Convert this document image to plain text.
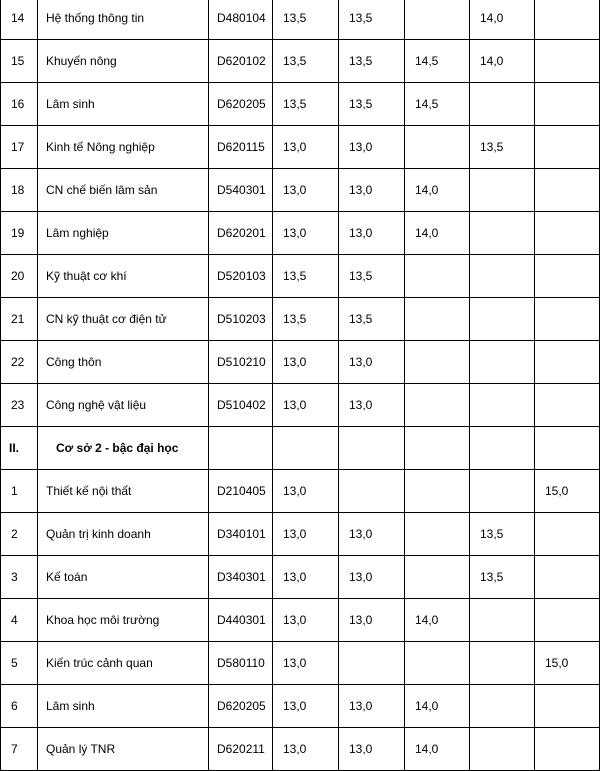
14	Hệ thống thông tin	D480104	13,5	13,5		14,0	
15	Khuyến nông	D620102	13,5	13,5	14,5	14,0	
16	Lâm sinh	D620205	13,5	13,5	14,5		
17	Kinh tế Nông nghiệp	D620115	13,0	13,0		13,5	
18	CN chế biến lâm sản	D540301	13,0	13,0	14,0		
19	Lâm nghiệp	D620201	13,0	13,0	14,0		
20	Kỹ thuật cơ khí	D520103	13,5	13,5			
21	CN kỹ thuật cơ điện tử	D510203	13,5	13,5			
22	Công thôn	D510210	13,0	13,0			
23	Công nghệ vật liệu	D510402	13,0	13,0			
II.	Cơ sở 2 - bậc đại học						
1	Thiết kế nội thất	D210405	13,0				15,0
2	Quản trị kinh doanh	D340101	13,0	13,0		13,5	
3	Kế toán	D340301	13,0	13,0		13,5	
4	Khoa học môi trường	D440301	13,0	13,0	14,0		
5	Kiến trúc cảnh quan	D580110	13,0				15,0
6	Lâm sinh	D620205	13,0	13,0	14,0		
7	Quản lý TNR	D620211	13,0	13,0	14,0		
